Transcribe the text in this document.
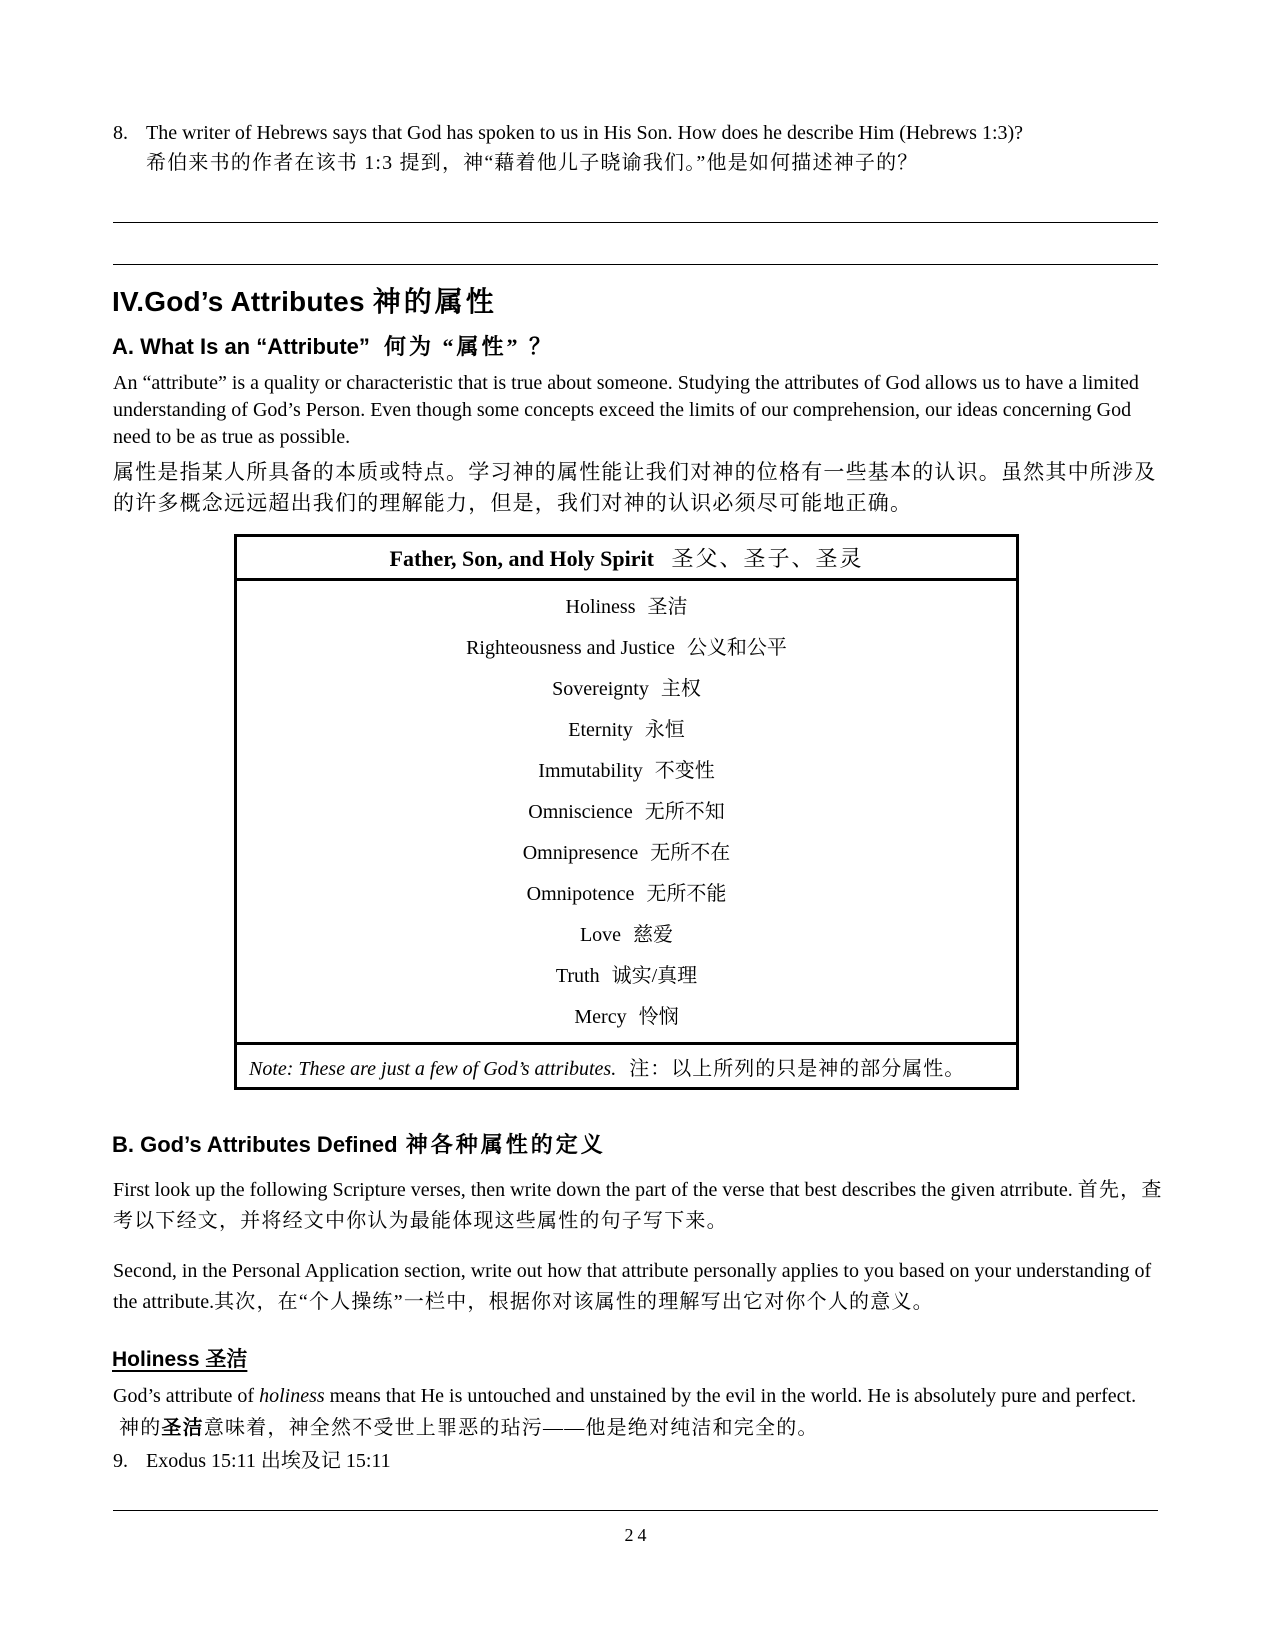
8. The writer of Hebrews says that God has spoken to us in His Son. How does he describe Him (Hebrews 1:3)?
希伯来书的作者在该书 1:3 提到，神“藉着他儿子晓谕我们。”他是如何描述神子的？
IV.God’s Attributes 神的属性
A. What Is an “Attribute” 何为 “属性” ？
An “attribute” is a quality or characteristic that is true about someone. Studying the attributes of God allows us to have a limited understanding of God’s Person. Even though some concepts exceed the limits of our comprehension, our ideas concerning God need to be as true as possible.
属性是指某人所具备的本质或特点。学习神的属性能让我们对神的位格有一些基本的认识。虽然其中所涉及的许多概念远远超出我们的理解能力，但是，我们对神的认识必须尽可能地正确。
Father, Son, and Holy Spirit 圣父、圣子、圣灵

Holiness 圣洁
Righteousness and Justice 公义和公平
Sovereignty 主权
Eternity 永恒
Immutability 不变性
Omniscience 无所不知
Omnipresence 无所不在
Omnipotence 无所不能
Love 慈爱
Truth 诚实/真理
Mercy 怜悯

Note: These are just a few of God’s attributes. 注：以上所列的只是神的部分属性。
B. God’s Attributes Defined 神各种属性的定义
First look up the following Scripture verses, then write down the part of the verse that best describes the given atrribute. 首先，查考以下经文，并将经文中你认为最能体现这些属性的句子写下来。
Second, in the Personal Application section, write out how that attribute personally applies to you based on your understanding of the attribute.其次，在“个人操练”一栏中，根据你对该属性的理解写出它对你个人的意义。
Holiness 圣洁
God’s attribute of holiness means that He is untouched and unstained by the evil in the world. He is absolutely pure and perfect. 神的圣洁意味着，神全然不受世上罪恶的玷污——他是绝对纯洁和完全的。
9. Exodus 15:11 出埃及记 15:11
24
